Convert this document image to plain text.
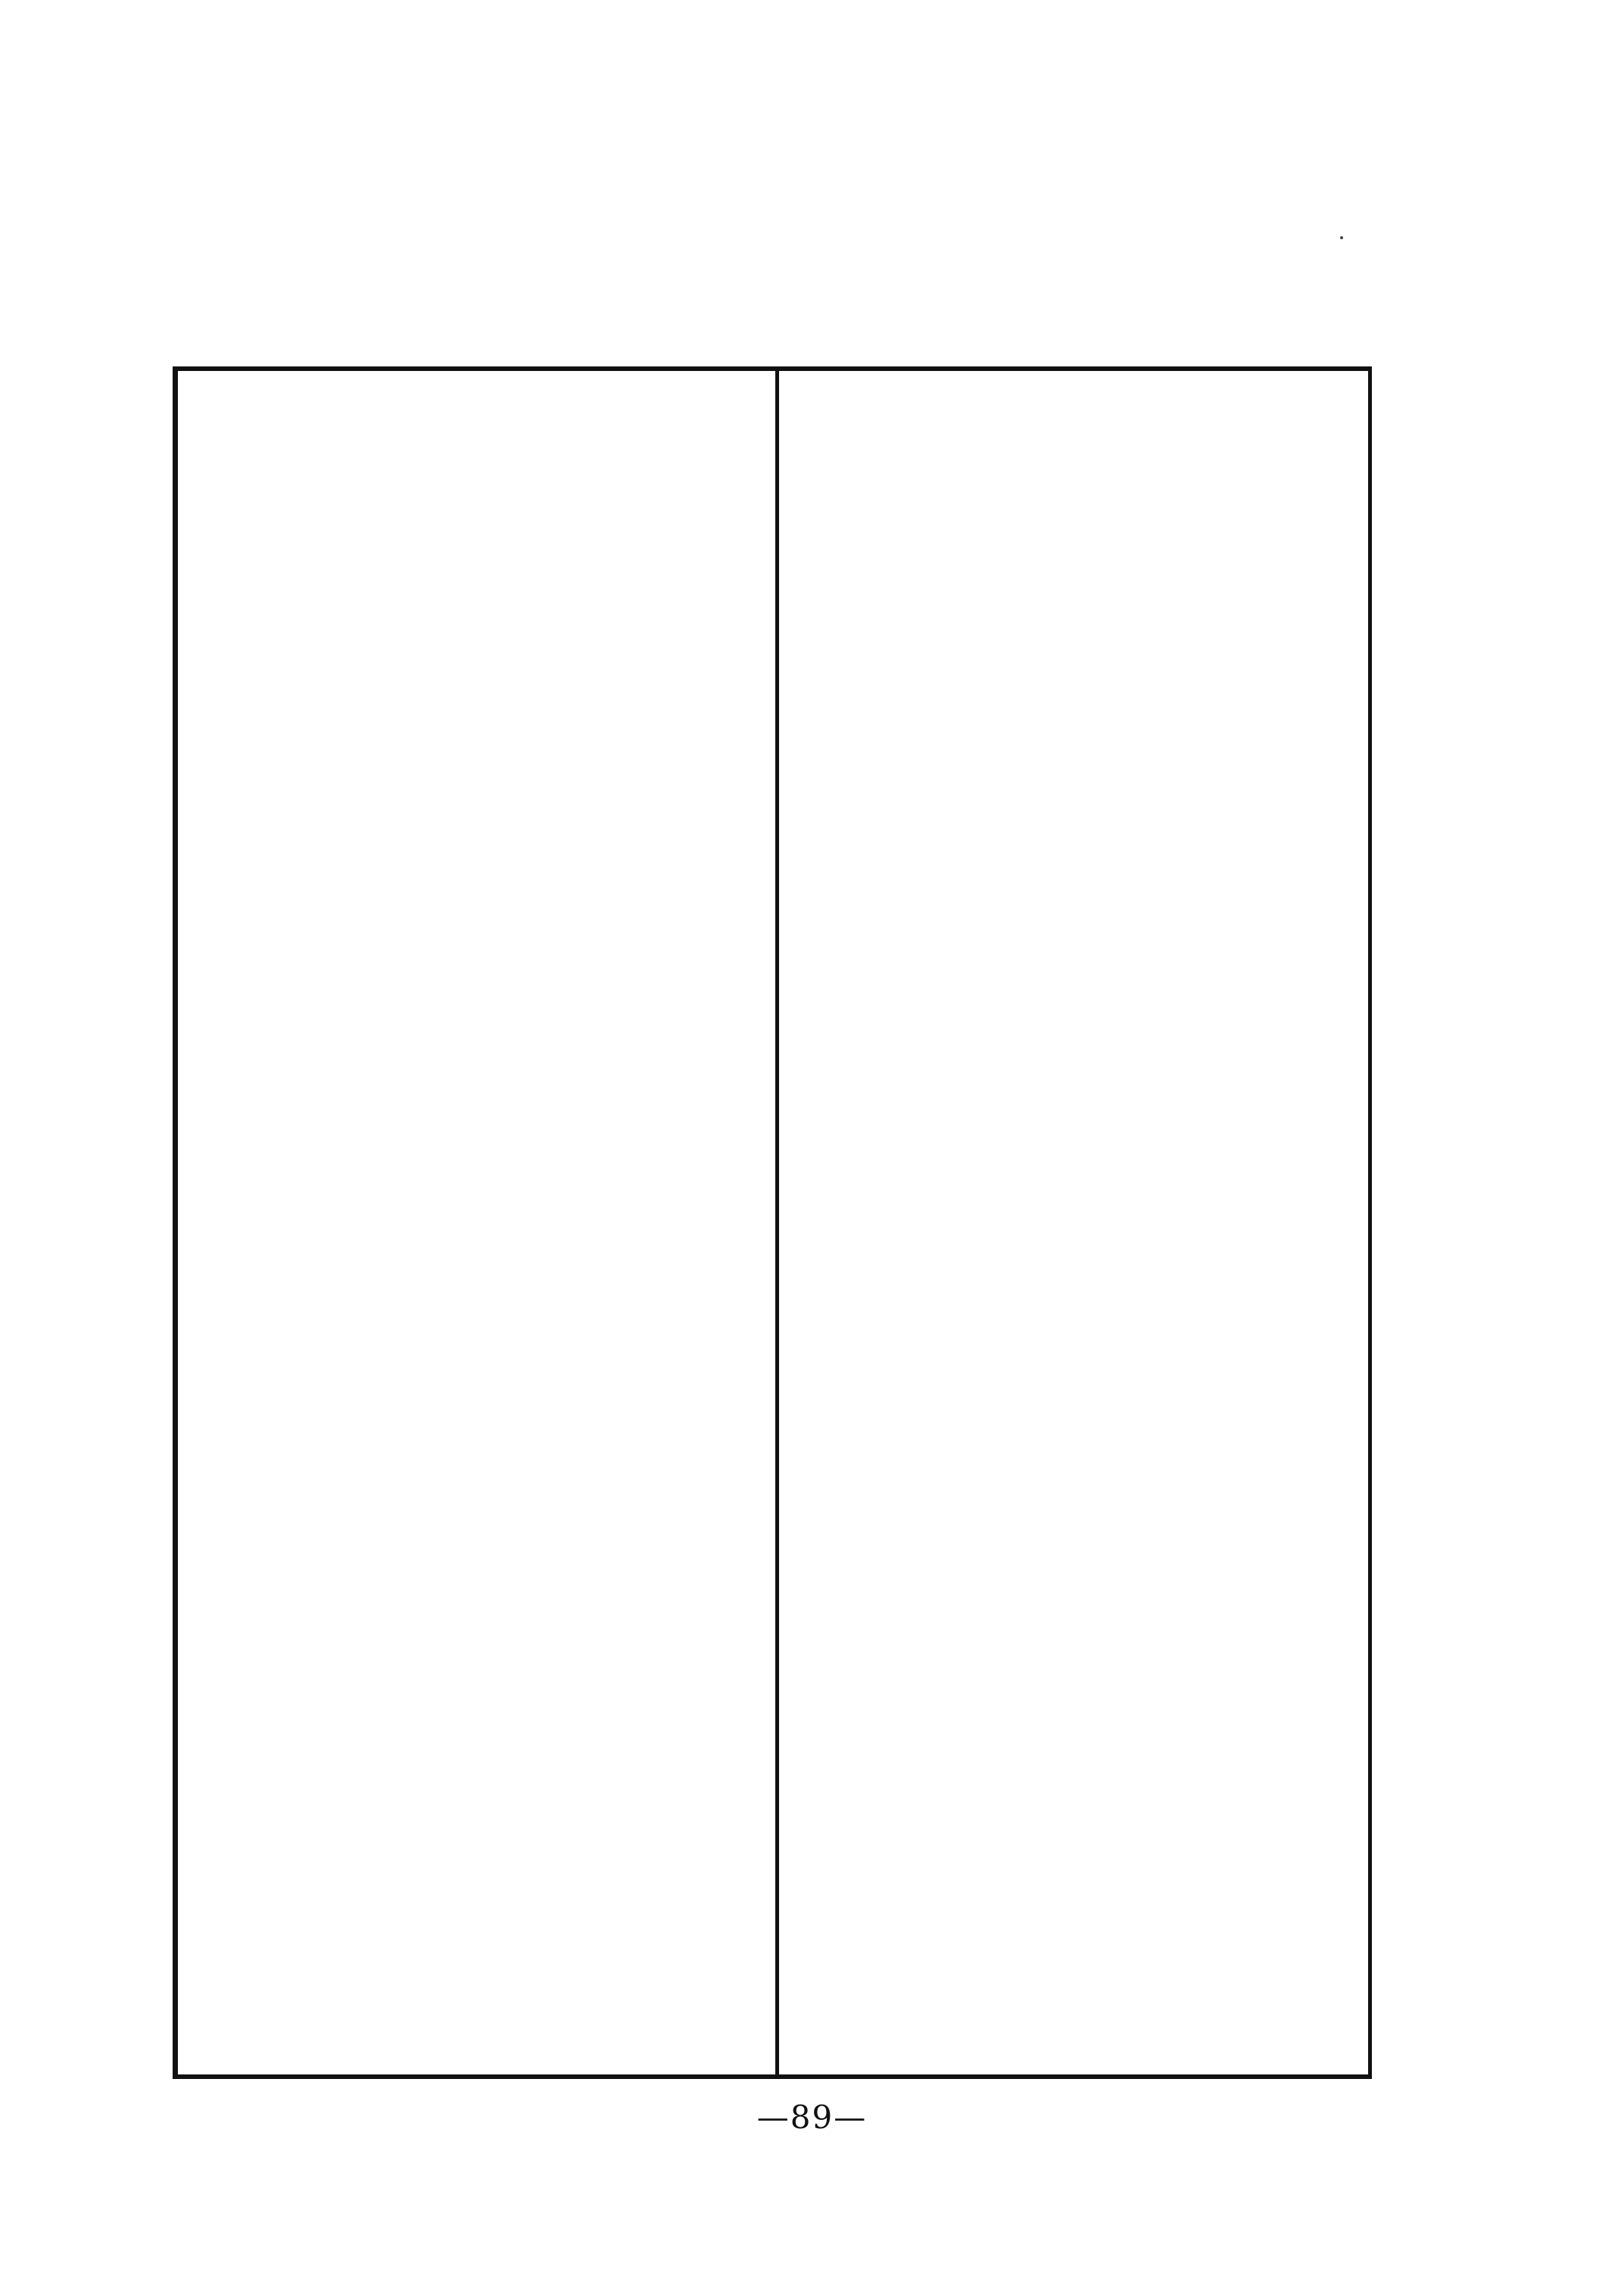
—89—
